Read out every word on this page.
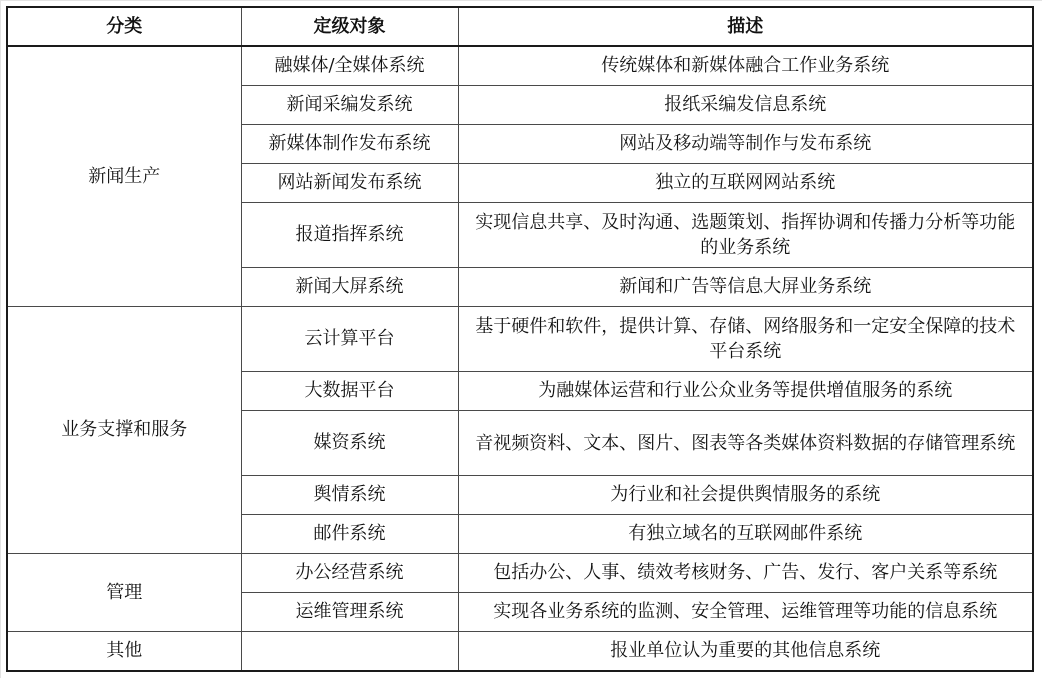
分类	定级对象	描述
新闻生产	融媒体/全媒体系统	传统媒体和新媒体融合工作业务系统
	新闻采编发系统	报纸采编发信息系统
	新媒体制作发布系统	网站及移动端等制作与发布系统
	网站新闻发布系统	独立的互联网网站系统
	报道指挥系统	实现信息共享、及时沟通、选题策划、指挥协调和传播力分析等功能的业务系统
	新闻大屏系统	新闻和广告等信息大屏业务系统
业务支撑和服务	云计算平台	基于硬件和软件，提供计算、存储、网络服务和一定安全保障的技术平台系统
	大数据平台	为融媒体运营和行业公众业务等提供增值服务的系统
	媒资系统	音视频资料、文本、图片、图表等各类媒体资料数据的存储管理系统
	舆情系统	为行业和社会提供舆情服务的系统
	邮件系统	有独立域名的互联网邮件系统
管理	办公经营系统	包括办公、人事、绩效考核财务、广告、发行、客户关系等系统
	运维管理系统	实现各业务系统的监测、安全管理、运维管理等功能的信息系统
其他		报业单位认为重要的其他信息系统
